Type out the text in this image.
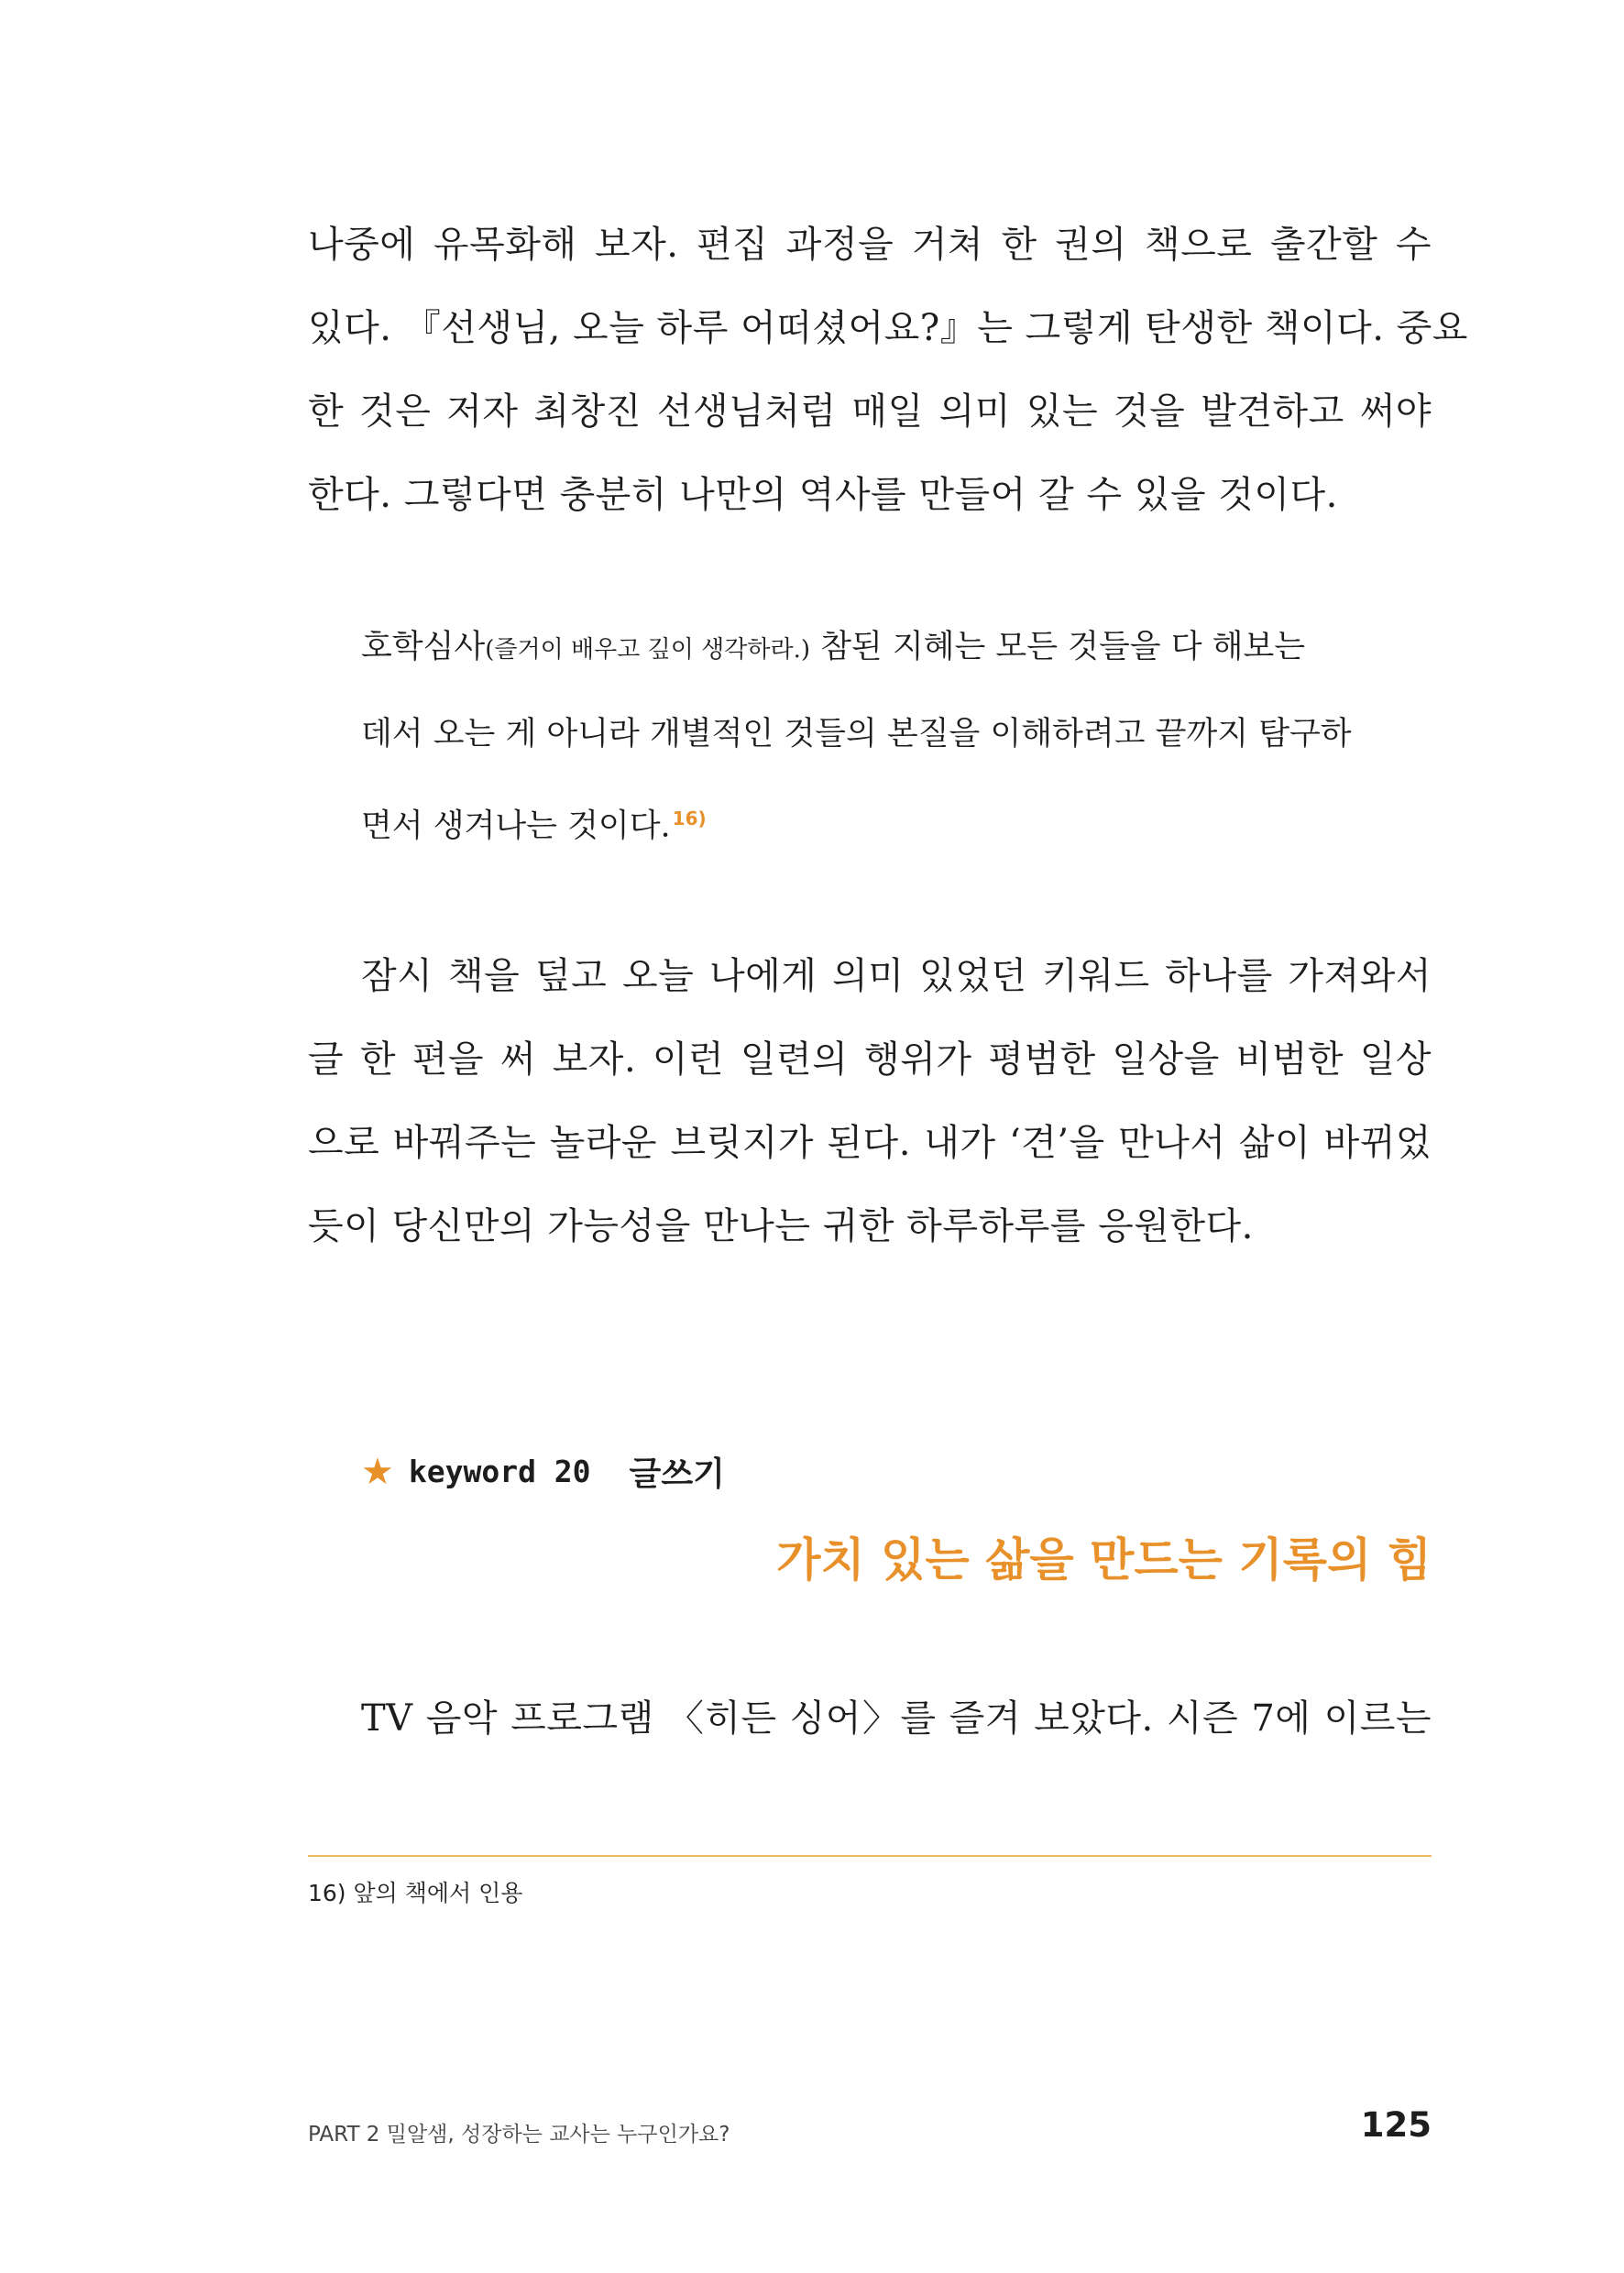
나중에 유목화해 보자. 편집 과정을 거쳐 한 권의 책으로 출간할 수
있다. 『선생님, 오늘 하루 어떠셨어요?』는 그렇게 탄생한 책이다. 중요
한 것은 저자 최창진 선생님처럼 매일 의미 있는 것을 발견하고 써야
한다. 그렇다면 충분히 나만의 역사를 만들어 갈 수 있을 것이다.
호학심사(즐거이 배우고 깊이 생각하라.) 참된 지혜는 모든 것들을 다 해보는
데서 오는 게 아니라 개별적인 것들의 본질을 이해하려고 끝까지 탐구하
면서 생겨나는 것이다. $^{16)}$
잠시 책을 덮고 오늘 나에게 의미 있었던 키워드 하나를 가져와서
글 한 편을 써 보자. 이런 일련의 행위가 평범한 일상을 비범한 일상
으로 바꿔주는 놀라운 브릿지가 된다. 내가 ‘견’을 만나서 삶이 바뀌었
듯이 당신만의 가능성을 만나는 귀한 하루하루를 응원한다.
★ keyword 20 글쓰기
가치 있는 삶을 만드는 기록의 힘
TV 음악 프로그램 〈히든 싱어〉를 즐겨 보았다. 시즌 7에 이르는
16) 앞의 책에서 인용
PART 2 밀알샘, 성장하는 교사는 누구인가요?	125
